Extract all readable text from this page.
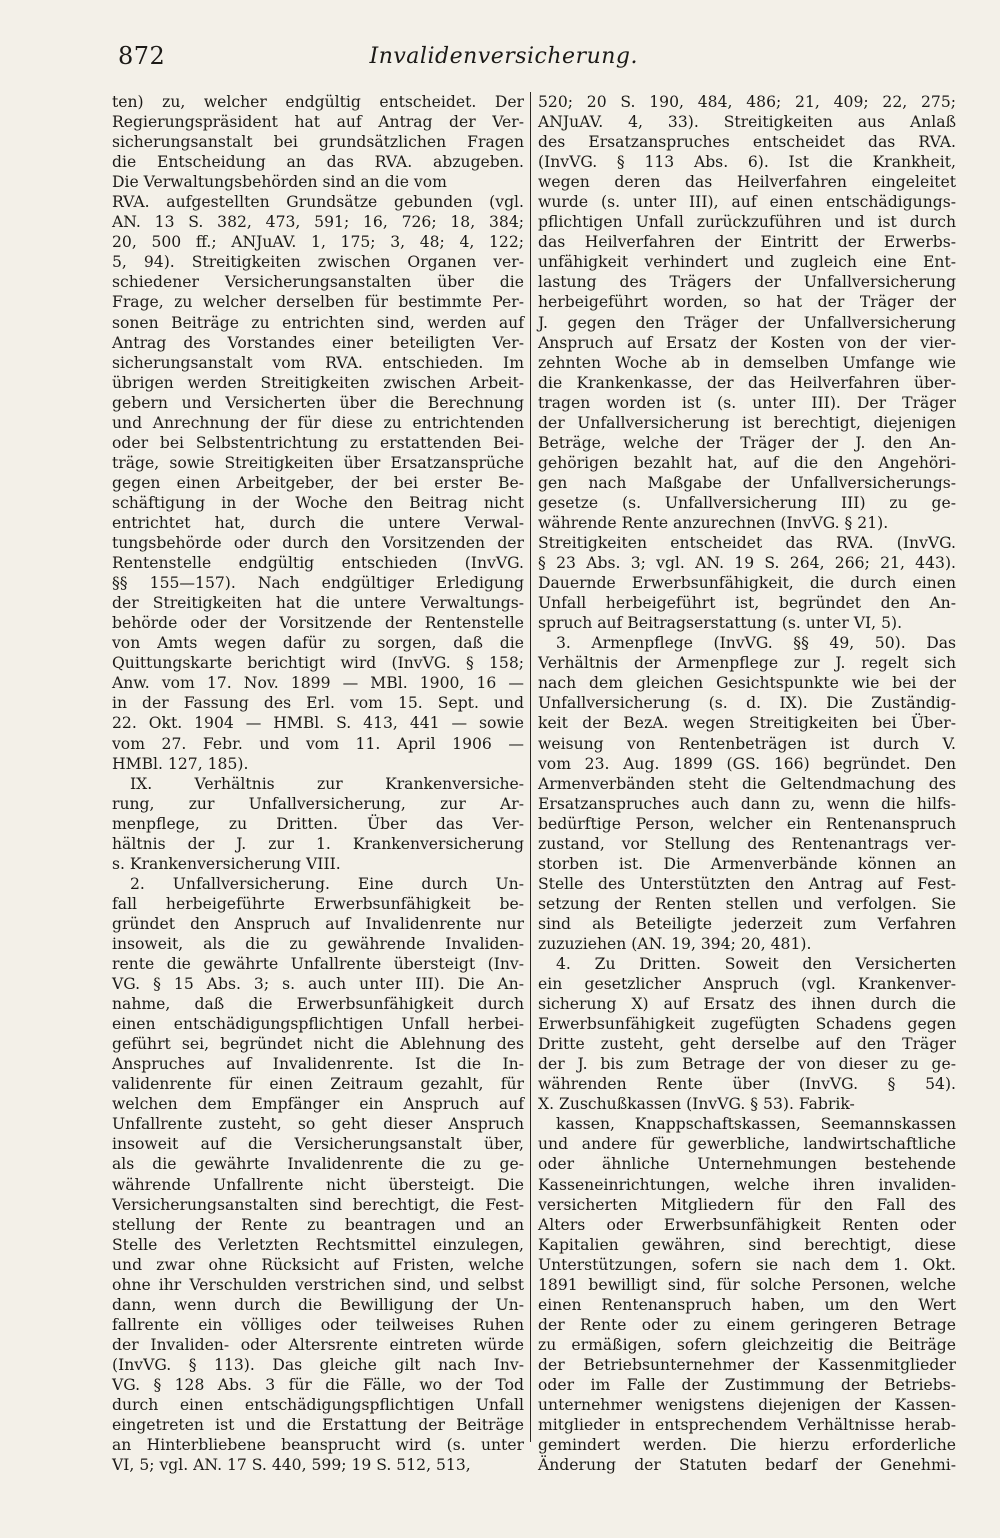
872	Invalidenversicherung.
ten) zu, welcher endgültig entscheidet. Der
Regierungspräsident hat auf Antrag der Ver-
sicherungsanstalt bei grundsätzlichen Fragen
die Entscheidung an das RVA. abzugeben.
Die Verwaltungsbehörden sind an die vom
RVA. aufgestellten Grundsätze gebunden (vgl.
AN. 13 S. 382, 473, 591; 16, 726; 18, 384;
20, 500 ff.; ANJuAV. 1, 175; 3, 48; 4, 122;
5, 94). Streitigkeiten zwischen Organen ver-
schiedener Versicherungsanstalten über die
Frage, zu welcher derselben für bestimmte Per-
sonen Beiträge zu entrichten sind, werden auf
Antrag des Vorstandes einer beteiligten Ver-
sicherungsanstalt vom RVA. entschieden. Im
übrigen werden Streitigkeiten zwischen Arbeit-
gebern und Versicherten über die Berechnung
und Anrechnung der für diese zu entrichtenden
oder bei Selbstentrichtung zu erstattenden Bei-
träge, sowie Streitigkeiten über Ersatzansprüche
gegen einen Arbeitgeber, der bei erster Be-
schäftigung in der Woche den Beitrag nicht
entrichtet hat, durch die untere Verwal-
tungsbehörde oder durch den Vorsitzenden der
Rentenstelle endgültig entschieden (InvVG.
§§ 155—157). Nach endgültiger Erledigung
der Streitigkeiten hat die untere Verwaltungs-
behörde oder der Vorsitzende der Rentenstelle
von Amts wegen dafür zu sorgen, daß die
Quittungskarte berichtigt wird (InvVG. § 158;
Anw. vom 17. Nov. 1899 — MBl. 1900, 16 —
in der Fassung des Erl. vom 15. Sept. und
22. Okt. 1904 — HMBl. S. 413, 441 — sowie
vom 27. Febr. und vom 11. April 1906 —
HMBl. 127, 185).
IX. Verhältnis zur Krankenversiche-
rung, zur Unfallversicherung, zur Ar-
menpflege, zu Dritten. Über das Ver-
hältnis der J. zur 1. Krankenversicherung
s. Krankenversicherung VIII.
2. Unfallversicherung. Eine durch Un-
fall herbeigeführte Erwerbsunfähigkeit be-
gründet den Anspruch auf Invalidenrente nur
insoweit, als die zu gewährende Invaliden-
rente die gewährte Unfallrente übersteigt (Inv-
VG. § 15 Abs. 3; s. auch unter III). Die An-
nahme, daß die Erwerbsunfähigkeit durch
einen entschädigungspflichtigen Unfall herbei-
geführt sei, begründet nicht die Ablehnung des
Anspruches auf Invalidenrente. Ist die In-
validenrente für einen Zeitraum gezahlt, für
welchen dem Empfänger ein Anspruch auf
Unfallrente zusteht, so geht dieser Anspruch
insoweit auf die Versicherungsanstalt über,
als die gewährte Invalidenrente die zu ge-
währende Unfallrente nicht übersteigt. Die
Versicherungsanstalten sind berechtigt, die Fest-
stellung der Rente zu beantragen und an
Stelle des Verletzten Rechtsmittel einzulegen,
und zwar ohne Rücksicht auf Fristen, welche
ohne ihr Verschulden verstrichen sind, und selbst
dann, wenn durch die Bewilligung der Un-
fallrente ein völliges oder teilweises Ruhen
der Invaliden- oder Altersrente eintreten würde
(InvVG. § 113). Das gleiche gilt nach Inv-
VG. § 128 Abs. 3 für die Fälle, wo der Tod
durch einen entschädigungspflichtigen Unfall
eingetreten ist und die Erstattung der Beiträge
an Hinterbliebene beansprucht wird (s. unter
VI, 5; vgl. AN. 17 S. 440, 599; 19 S. 512, 513,
520; 20 S. 190, 484, 486; 21, 409; 22, 275;
ANJuAV. 4, 33). Streitigkeiten aus Anlaß
des Ersatzanspruches entscheidet das RVA.
(InvVG. § 113 Abs. 6). Ist die Krankheit,
wegen deren das Heilverfahren eingeleitet
wurde (s. unter III), auf einen entschädigungs-
pflichtigen Unfall zurückzuführen und ist durch
das Heilverfahren der Eintritt der Erwerbs-
unfähigkeit verhindert und zugleich eine Ent-
lastung des Trägers der Unfallversicherung
herbeigeführt worden, so hat der Träger der
J. gegen den Träger der Unfallversicherung
Anspruch auf Ersatz der Kosten von der vier-
zehnten Woche ab in demselben Umfange wie
die Krankenkasse, der das Heilverfahren über-
tragen worden ist (s. unter III). Der Träger
der Unfallversicherung ist berechtigt, diejenigen
Beträge, welche der Träger der J. den An-
gehörigen bezahlt hat, auf die den Angehöri-
gen nach Maßgabe der Unfallversicherungs-
gesetze (s. Unfallversicherung III) zu ge-
währende Rente anzurechnen (InvVG. § 21).
Streitigkeiten entscheidet das RVA. (InvVG.
§ 23 Abs. 3; vgl. AN. 19 S. 264, 266; 21, 443).
Dauernde Erwerbsunfähigkeit, die durch einen
Unfall herbeigeführt ist, begründet den An-
spruch auf Beitragserstattung (s. unter VI, 5).
3. Armenpflege (InvVG. §§ 49, 50). Das
Verhältnis der Armenpflege zur J. regelt sich
nach dem gleichen Gesichtspunkte wie bei der
Unfallversicherung (s. d. IX). Die Zuständig-
keit der BezA. wegen Streitigkeiten bei Über-
weisung von Rentenbeträgen ist durch V.
vom 23. Aug. 1899 (GS. 166) begründet. Den
Armenverbänden steht die Geltendmachung des
Ersatzanspruches auch dann zu, wenn die hilfs-
bedürftige Person, welcher ein Rentenanspruch
zustand, vor Stellung des Rentenantrags ver-
storben ist. Die Armenverbände können an
Stelle des Unterstützten den Antrag auf Fest-
setzung der Renten stellen und verfolgen. Sie
sind als Beteiligte jederzeit zum Verfahren
zuzuziehen (AN. 19, 394; 20, 481).
4. Zu Dritten. Soweit den Versicherten
ein gesetzlicher Anspruch (vgl. Krankenver-
sicherung X) auf Ersatz des ihnen durch die
Erwerbsunfähigkeit zugefügten Schadens gegen
Dritte zusteht, geht derselbe auf den Träger
der J. bis zum Betrage der von dieser zu ge-
währenden Rente über (InvVG. § 54).
X. Zuschußkassen (InvVG. § 53). Fabrik-
kassen, Knappschaftskassen, Seemannskassen
und andere für gewerbliche, landwirtschaftliche
oder ähnliche Unternehmungen bestehende
Kasseneinrichtungen, welche ihren invaliden-
versicherten Mitgliedern für den Fall des
Alters oder Erwerbsunfähigkeit Renten oder
Kapitalien gewähren, sind berechtigt, diese
Unterstützungen, sofern sie nach dem 1. Okt.
1891 bewilligt sind, für solche Personen, welche
einen Rentenanspruch haben, um den Wert
der Rente oder zu einem geringeren Betrage
zu ermäßigen, sofern gleichzeitig die Beiträge
der Betriebsunternehmer der Kassenmitglieder
oder im Falle der Zustimmung der Betriebs-
unternehmer wenigstens diejenigen der Kassen-
mitglieder in entsprechendem Verhältnisse herab-
gemindert werden. Die hierzu erforderliche
Änderung der Statuten bedarf der Genehmi-
